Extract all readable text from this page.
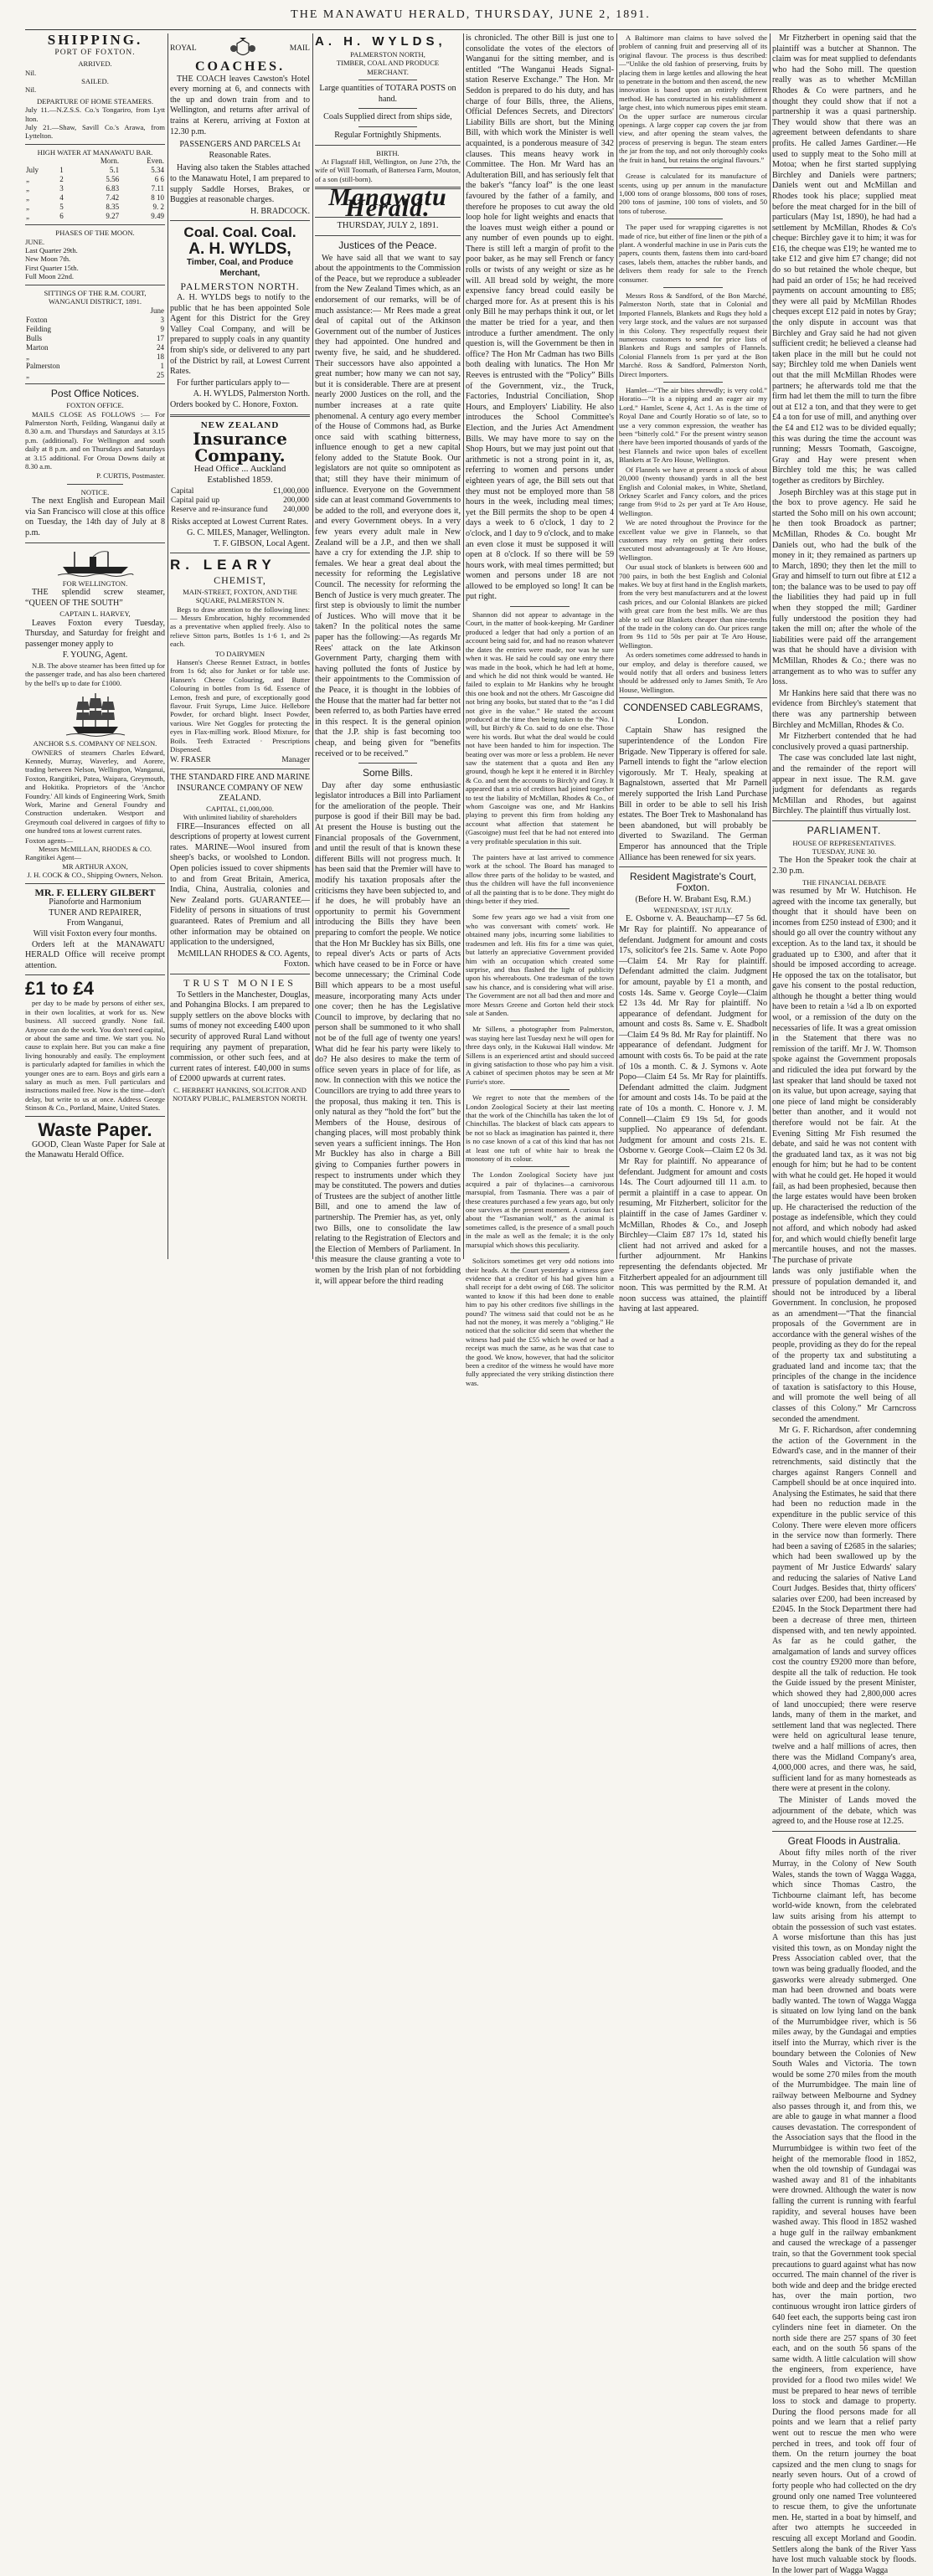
THE MANAWATU HERALD, THURSDAY, JUNE 2, 1891.
SHIPPING.
PORT OF FOXTON.
ARRIVED.
Nil.
SAILED.
Nil.
DEPARTURE OF HOME STEAMERS.
July 11.—N.Z.S.S. Co.'s Tongariro, from Lytt lton.
July 21.—Shaw, Savill Co.'s Arawa, from Lyttelton.
HIGH WATER AT MANAWATU BAR.
		Morn.	Even.
July	1	5.1	5.34
„	2	5.56	6 6
„	3	6.83	7.11
„	4	7.42	8 10
„	5	8.35	9. 2
„	6	9.27	9.49
PHASES OF THE MOON.
JUNE.
Last Quarter 29th.
New Moon 7th.
First Quarter 15th.
Full Moon 22nd.
SITTINGS OF THE R.M. COURT, WANGANUI DISTRICT, 1891.
	June
Foxton	3
Feilding	9
Bulls	17
Marton	24
„	18
Palmerston	1
„	25
Post Office Notices.
FOXTON OFFICE.

MAILS CLOSE AS FOLLOWS :— For Palmerston North, Feilding, Wanganui daily at 8.30 a.m. and Thursdays and Saturdays at 3.15 p.m. (additional). For Wellington and south daily at 8 p.m. and on Thursdays and Saturdays at 3.15 additional. For Oroua Downs daily at 8.30 a.m.

P. CURTIS, Postmaster.
NOTICE.

The next English and European Mail via San Francisco will close at this office on Tuesday, the 14th day of July at 8 p.m.

FOR WELLINGTON.

THE splendid screw steamer, “QUEEN OF THE SOUTH”

CAPTAIN L. HARVEY,

Leaves Foxton every Tuesday, Thursday, and Saturday for freight and passenger money apply to

F. YOUNG, Agent.

N.B. The above steamer has been fitted up for the passenger trade, and has also been chartered by the bell's up to date for £1000.

ANCHOR S.S. COMPANY OF NELSON.

OWNERS of steamers Charles Edward, Kennedy, Murray, Waverley, and Aorere, trading between Nelson, Wellington, Wanganui, Foxton, Rangitikei, Patea, Waipara, Greymouth, and Hokitika. Proprietors of the 'Anchor Foundry.' All kinds of Engineering Work, Smith Work, Marine and General Foundry and Construction undertaken. Westport and Greymouth coal delivered in cargoes of fifty to one hundred tons at lowest current rates.

Foxton agents—
Messrs McMILLAN, RHODES & CO.
Rangitikei Agent—
MR ARTHUR AXON,
J. H. COCK & CO., Shipping Owners, Nelson.
MR. F. ELLERY GILBERT
Pianoforte and Harmonium
TUNER AND REPAIRER,
From Wanganui,
Will visit Foxton every four months.

Orders left at the MANAWATU HERALD Office will receive prompt attention.

£1 to £4

per day to be made by persons of either sex, in their own localities, at work for us. New business. All succeed grandly. None fail. Anyone can do the work. You don't need capital, or about the same and time. We start you. No cause to explain here. But you can make a fine living honourably and easily. The employment is particularly adapted for families in which the younger ones are to earn. Boys and girls earn a salary as much as men. Full particulars and instructions mailed free. Now is the time—don't delay, but write to us at once. Address George Stinson & Co., Portland, Maine, United States.

Waste Paper.

GOOD, Clean Waste Paper for Sale at the Manawatu Herald Office.

ROYAL	MAIL
COACHES.

THE COACH leaves Cawston's Hotel every morning at 6, and connects with the up and down train from and to Wellington, and returns after arrival of trains at Kereru, arriving at Foxton at 12.30 p.m.

PASSENGERS AND PARCELS At Reasonable Rates.

Having also taken the Stables attached to the Manawatu Hotel, I am prepared to supply Saddle Horses, Brakes, or Buggies at reasonable charges.

H. BRADCOCK.
Coal. Coal. Coal.
A. H. WYLDS,
Timber, Coal, and Produce Merchant,
PALMERSTON NORTH.

A. H. WYLDS begs to notify to the public that he has been appointed Sole Agent for this District for the Grey Valley Coal Company, and will be prepared to supply coals in any quantity from ship's side, or delivered to any part of the District by rail, at Lowest Current Rates.

For further particulars apply to—

A. H. WYLDS, Palmerston North.
Orders booked by C. Honore, Foxton.
NEW ZEALAND
Insurance Company.
Head Office ... Auckland
Established 1859.
Capital	£1,000,000
Capital paid up	200,000
Reserve and re-insurance fund	240,000
Risks accepted at Lowest Current Rates.
G. C. MILES, Manager, Wellington.
T. F. GIBSON, Local Agent.
R. LEARY
CHEMIST,
MAIN-STREET, FOXTON, AND THE SQUARE, PALMERSTON N.

Begs to draw attention to the following lines:— Messrs Embrocation, highly recommended as a preventative when applied freely. Also to relieve Sitton parts, Bottles 1s 1·6 1, and 2s each.

TO DAIRYMEN

Hansen's Cheese Rennet Extract, in bottles from 1s 6d; also for Junket or for table use. Hansen's Cheese Colouring, and Butter Colouring in bottles from 1s 6d. Essence of Lemon, fresh and pure, of exceptionally good flavour. Fruit Syrups, Lime Juice. Hellebore Powder, for orchard blight. Insect Powder, various. Wire Net Goggles for protecting the eyes in Flax-milling work. Blood Mixture, for Boils. Teeth Extracted · Prescriptions Dispensed.

W. FRASER	Manager
THE STANDARD FIRE AND MARINE INSURANCE COMPANY OF NEW ZEALAND.
CAPITAL, £1,000,000.
With unlimited liability of shareholders

FIRE—Insurances effected on all descriptions of property at lowest current rates. MARINE—Wool insured from sheep's backs, or woolshed to London. Open policies issued to cover shipments to and from Great Britain, America, India, China, Australia, colonies and New Zealand ports. GUARANTEE—Fidelity of persons in situations of trust guaranteed. Rates of Premium and all other information may be obtained on application to the undersigned,

McMILLAN RHODES & CO. Agents, Foxton.
TRUST MONIES

To Settlers in the Manchester, Douglas, and Pohangina Blocks. I am prepared to supply settlers on the above blocks with sums of money not exceeding £400 upon security of approved Rural Land without requiring any payment of preparation, commission, or other such fees, and at current rates of interest. £40,000 in sums of £2000 upwards at current rates.

C. HERBERT HANKINS, SOLICITOR AND NOTARY PUBLIC, PALMERSTON NORTH.
A. H. WYLDS,
PALMERSTON NORTH,
TIMBER, COAL AND PRODUCE MERCHANT.
Large quantities of TOTARA POSTS on hand.
Coals Supplied direct from ships side,
Regular Fortnightly Shipments.
BIRTH.

At Flagstaff Hill, Wellington, on June 27th, the wife of Will Toomath, of Battersea Farm, Mouton, of a son (still-born).

Manawatu Herald.
THURSDAY, JULY 2, 1891.
Justices of the Peace.

We have said all that we want to say about the appointments to the Commission of the Peace, but we reproduce a subleader from the New Zealand Times which, as an endorsement of our remarks, will be of much assistance:— Mr Rees made a great deal of capital out of the Atkinson Government out of the number of Justices they had appointed. One hundred and twenty five, he said, and he shuddered. Their successors have also appointed a great number; how many we can not say, but it is considerable. There are at present nearly 2000 Justices on the roll, and the number increases at a rate quite phenomenal. A century ago every member of the House of Commons had, as Burke once said with scathing bitterness, influence enough to get a new capital felony added to the Statute Book. Our legislators are not quite so omnipotent as that; still they have their minimum of influence. Everyone on the Government side can at least command Governments to be added to the roll, and everyone does it, and every Government obeys. In a very few years every adult male in New Zealand will be a J.P., and then we shall have a cry for extending the J.P. ship to females. We hear a great deal about the necessity for reforming the Legislative Council. The necessity for reforming the Bench of Justice is very much greater. The first step is obviously to limit the number of Justices. Who will move that it be taken? In the political notes the same paper has the following:—As regards Mr Rees' attack on the late Atkinson Government Party, charging them with having polluted the fonts of Justice by their appointments to the Commission of the Peace, it is thought in the lobbies of the House that the matter had far better not been referred to, as both Parties have erred in this respect. It is the general opinion that the J.P. ship is fast becoming too cheap, and being given for “benefits received or to be received.”

Some Bills.

Day after day some enthusiastic legislator introduces a Bill into Parliament for the amelioration of the people. Their purpose is good if their Bill may be bad. At present the House is busting out the Financial proposals of the Government, and until the result of that is known these different Bills will not progress much. It has been said that the Premier will have to modify his taxation proposals after the criticisms they have been subjected to, and if he does, he will probably have an opportunity to permit his Government introducing the Bills they have been preparing to comfort the people. We notice that the Hon Mr Buckley has six Bills, one to repeal diver's Acts or parts of Acts which have ceased to be in Force or have become unnecessary; the Criminal Code Bill which appears to be a most useful measure, incorporating many Acts under one cover; then he has the Legislative Council to improve, by declaring that no person shall be summoned to it who shall not be of the full age of twenty one years! What did he fear his party were likely to do? He also desires to make the term of office seven years in place of for life, as now. In connection with this we notice the Councillors are trying to add three years to the proposal, thus making it ten. This is only natural as they “hold the fort” but the Members of the House, desirous of changing places, will most probably think seven years a sufficient innings. The Hon Mr Buckley has also in charge a Bill giving to Companies further powers in respect to instruments under which they may be constituted. The powers and duties of Trustees are the subject of another little Bill, and one to amend the law of partnership. The Premier has, as yet, only two Bills, one to consolidate the law relating to the Registration of Electors and the Election of Members of Parliament. In this measure the clause granting a vote to women by the Irish plan of not forbidding it, will appear before the third reading

is chronicled. The other Bill is just one to consolidate the votes of the electors of Wanganui for the sitting member, and is entitled “The Wanganui Heads Signal-station Reserve Exchange.” The Hon. Mr Seddon is prepared to do his duty, and has charge of four Bills, three, the Aliens, Official Defences Secrets, and Directors' Liability Bills are short, but the Mining Bill, with which work the Minister is well acquainted, is a ponderous measure of 342 clauses. This means heavy work in Committee. The Hon. Mr Ward has an Adulteration Bill, and has seriously felt that the baker's “fancy loaf” is the one least favoured by the father of a family, and therefore he proposes to cut away the old loop hole for light weights and enacts that the loaves must weigh either a pound or any number of even pounds up to eight. There is still left a margin of profit to the poor baker, as he may sell French or fancy rolls or twists of any weight or size as he will. All bread sold by weight, the more expensive fancy bread could easily be charged more for. As at present this is his only Bill he may perhaps think it out, or let the matter be tried for a year, and then introduce a further amendment. The only question is, will the Government be then in office? The Hon Mr Cadman has two Bills both dealing with lunatics. The Hon Mr Reeves is entrusted with the “Policy” Bills of the Government, viz., the Truck, Factories, Industrial Conciliation, Shop Hours, and Employers' Liability. He also introduces the School Committee's Election, and the Juries Act Amendment Bills. We may have more to say on the Shop Hours, but we may just point out that arithmetic is not a strong point in it, as, referring to women and persons under eighteen years of age, the Bill sets out that they must not be employed more than 58 hours in the week, including meal times; yet the Bill permits the shop to be open 4 days a week to 6 o'clock, 1 day to 2 o'clock, and 1 day to 9 o'clock, and to make an even close it must be supposed it will open at 8 o'clock. If so there will be 59 hours work, with meal times permitted; but women and persons under 18 are not allowed to be employed so long! It can be put right.

Shannon did not appear to advantage in the Court, in the matter of book-keeping. Mr Gardiner produced a ledger that had only a portion of an account being said for, and had no reason whatever the dates the entries were made, nor was he sure when it was. He said he could say one entry there was made in the book, which he had left at home, and which he did not think would be wanted. He failed to explain to Mr Hankins why he brought this one book and not the others. Mr Gascoigne did not bring any books, but stated that to the “as I did not give in the value.” He stated the account produced at the time then being taken to the “No. I will, but Birch'y & Co. said to do one else. Those were his words. But what the deal would be could not have been handed to him for inspection. The beating over was more or less a problem. He never saw the statement that a quota and Ben any ground, though he kept it he entered it in Birchley & Co. and sent the accounts to Birch'y and Gray. It appeared that a trio of creditors had joined together to test the liability of McMillan, Rhodes & Co., of whom Gascoigne was one, and Mr Hankins playing to prevent this firm from holding any account what affection that statement he (Gascoigne) must feel that he had not entered into a very profitable speculation in this suit.

The painters have at last arrived to commence work at the school. The Board has managed to allow three parts of the holiday to be wasted, and thus the children will have the full inconvenience of all the painting that is to be done. They might do things better if they tried.

Some few years ago we had a visit from one who was conversant with comets' work. He obtained many jobs, incurring some liabilities to tradesmen and left. His fits for a time was quiet, but latterly an appreciative Government provided him with an occupation which created some surprise, and thus flashed the light of publicity upon his whereabouts. One tradesman of the town saw his chance, and is considering what will arise. The Government are not all bad then and more and more Messrs Greene and Gorton held their stock sale at Sanden.

Mr Sillens, a photographer from Palmerston, was staying here last Tuesday next he will open for three days only, in the Kukuwai Hall window. Mr Sillens is an experienced artist and should succeed in giving satisfaction to those who pay him a visit. A cabinet of specimen photos may be seen at Mr Furrie's store.

We regret to note that the members of the London Zoological Society at their last meeting that the work of the Chinchilla has taken the lot of Chinchillas. The blackest of black cats appears to be not so black as imagination has painted it, there is no case known of a cat of this kind that has not at least one tuft of white hair to break the monotony of its colour.

The London Zoological Society have just acquired a pair of thylacines—a carnivorous marsupial, from Tasmania. There was a pair of these creatures purchased a few years ago, but only one survives at the present moment. A curious fact about the “Tasmanian wolf,” as the animal is sometimes called, is the presence of a small pouch in the male as well as the female; it is the only marsupial which shows this peculiarity.

Solicitors sometimes get very odd notions into their heads. At the Court yesterday a witness gave evidence that a creditor of his had given him a shall receipt for a debt owing of £68. The solicitor wanted to know if this had been done to enable him to pay his other creditors five shillings in the pound? The witness said that could not be as he had not the money, it was merely a “obliging.” He noticed that the solicitor did seem that whether the witness had paid the £55 which he owed or had a receipt was much the same, as he was that case to the good. We know, however, that had the solicitor been a creditor of the witness he would have more fully appreciated the very striking distinction there was.

A Baltimore man claims to have solved the problem of canning fruit and preserving all of its original flavour. The process is thus described:—“Unlike the old fashion of preserving, fruits by placing them in large kettles and allowing the heat to penetrate in the bottom and then ascend, the new innovation is based upon an entirely different method. He has constructed in his establishment a large chest, into which numerous pipes emit steam. On the upper surface are numerous circular openings. A large copper cap covers the jar from view, and after opening the steam valves, the process of preserving is begun. The steam enters the jar from the top, and not only thoroughly cooks the fruit in hand, but retains the original flavours.”

Grease is calculated for its manufacture of scents, using up per annum in the manufacture 1,000 tons of orange blossoms, 800 tons of roses, 200 tons of jasmine, 100 tons of violets, and 50 tons of tuberose.

The paper used for wrapping cigarettes is not made of rice, but either of fine linen or the pith of a plant. A wonderful machine in use in Paris cuts the papers, counts them, fastens them into card-board cases, labels them, attaches the rubber bands, and delivers them ready for sale to the French consumer.

Messrs Ross & Sandford, of the Bon Marché, Palmerston North, state that in Colonial and Imported Flannels, Blankets and Rugs they hold a very large stock, and the values are not surpassed in this Colony. They respectfully request their numerous customers to send for price lists of Blankets and Rugs and samples of Flannels. Colonial Flannels from 1s per yard at the Bon Marché. Ross & Sandford, Palmerston North, Direct Importers.

Hamlet—“The air bites shrewdly; is very cold.” Horatio—“It is a nipping and an eager air my Lord.” Hamlet, Scene 4, Act 1. As is the time of Royal Dane and Courtly Horatio so of late, so to use a very common expression, the weather has been “bitterly cold.” For the present wintry season there have been imported thousands of yards of the best Flannels and twice upon bales of excellent Blankets at Te Aro House, Wellington.

Of Flannels we have at present a stock of about 20,000 (twenty thousand) yards in all the best English and Colonial makes, in White, Shetland, Orkney Scarlet and Fancy colors, and the prices range from 9½d to 2s per yard at Te Aro House, Wellington.

We are noted throughout the Province for the excellent value we give in Flannels, so that customers may rely on getting their orders executed most advantageously at Te Aro House, Wellington.

Our usual stock of blankets is between 600 and 700 pairs, in both the best English and Colonial makes. We buy at first hand in the English markets, from the very best manufacturers and at the lowest cash prices, and our Colonial Blankets are picked with great care from the best mills. We are thus able to sell our Blankets cheaper than nine-tenths of the trade in the colony can do. Our prices range from 9s 11d to 50s per pair at Te Aro House, Wellington.

As orders sometimes come addressed to hands in our employ, and delay is therefore caused, we would notify that all orders and business letters should be addressed only to James Smith, Te Aro House, Wellington.

CONDENSED CABLEGRAMS,
London.

Captain Shaw has resigned the superintendence of the London Fire Brigade. New Tipperary is offered for sale. Parnell intends to fight the “arlow election vigorously. Mr T. Healy, speaking at Bagnalstown, asserted that Mr Parnell merely supported the Irish Land Purchase Bill in order to be able to sell his Irish estates. The Boer Trek to Mashonaland has been abandoned, but will probably be diverted to Swaziland. The German Emperor has announced that the Triple Alliance has been renewed for six years.

Resident Magistrate's Court, Foxton.
(Before H. W. Brabant Esq, R.M.)
WEDNESDAY, 1ST JULY.

E. Osborne v. A. Beauchamp—£7 5s 6d. Mr Ray for plaintiff. No appearance of defendant. Judgment for amount and costs 17s, solicitor's fee 21s. Same v. Aote Popo—Claim £4. Mr Ray for plaintiff. Defendant admitted the claim. Judgment for amount, payable by £1 a month, and costs 14s. Same v. George Coyle—Claim £2 13s 4d. Mr Ray for plaintiff. No appearance of defendant. Judgment for amount and costs 8s. Same v. E. Shadbolt—Claim £4 9s 8d. Mr Ray for plaintiff. No appearance of defendant. Judgment for amount with costs 6s. To be paid at the rate of 10s a month. C. & J. Symons v. Aote Popo—Claim £4 5s. Mr Ray for plaintiffs. Defendant admitted the claim. Judgment for amount and costs 14s. To be paid at the rate of 10s a month. C. Honore v. J. M. Connell—Claim £9 19s 5d, for goods supplied. No appearance of defendant. Judgment for amount and costs 21s. E. Osborne v. George Cook—Claim £2 0s 3d. Mr Ray for plaintiff. No appearance of defendant. Judgment for amount and costs 14s. The Court adjourned till 11 a.m. to permit a plaintiff in a case to appear. On resuming, Mr Fitzherbert, solicitor for the plaintiff in the case of James Gardiner v. McMillan, Rhodes & Co., and Joseph Birchley—Claim £87 17s 1d, stated his client had not arrived and asked for a further adjournment. Mr Hankins representing the defendants objected. Mr Fitzherbert appealed for an adjournment till noon. This was permitted by the R.M. At noon success was attained, the plaintiff having at last appeared.

Mr Fitzherbert in opening said that the plaintiff was a butcher at Shannon. The claim was for meat supplied to defendants who had the Soho mill. The question really was as to whether McMillan Rhodes & Co were partners, and he thought they could show that if not a partnership it was a quasi partnership. They would show that there was an agreement between defendants to share profits. He called James Gardiner.—He used to supply meat to the Soho mill at Motoa; when he first started supplying Birchley and Daniels were partners; Daniels went out and McMillan and Rhodes took his place; supplied meat before the meat charged for in the bill of particulars (May 1st, 1890), he had had a settlement by McMillan, Rhodes & Co's cheque: Birchley gave it to him; it was for £16, the cheque was £19; he wanted me to take £12 and give him £7 change; did not do so but retained the whole cheque, but had paid an order of 15s; he had received payments on account amounting to £85; they were all paid by McMillan Rhodes cheques except £12 paid in notes by Gray; the only dispute in account was that Birchley and Gray said he had not given sufficient credit; he believed a cleanse had taken place in the mill but he could not say; Birchley told me when Daniels went out that the mill McMillan Rhodes were partners; he afterwards told me that the firm had let them the mill to turn the fibre out at £12 a ton, and that they were to get £4 a ton for use of mill, and anything over the £4 and £12 was to be divided equally; this was during the time the account was running; Messrs Toomath, Gascoigne, Gray and Hay were present when Birchley told me this; he was called together as creditors by Birchley.

Joseph Birchley was at this stage put in the box to prove agency. He said he started the Soho mill on his own account; he then took Broadock as partner; McMillan, Rhodes & Co. bought Mr Daniels out, who had the bulk of the money in it; they remained as partners up to March, 1890; they then let the mill to Gray and himself to turn out fibre at £12 a ton; the balance was to be used to pay off the liabilities they had paid up in full when they stopped the mill; Gardiner fully understood the position they had taken the mill on; after the whole of the liabilities were paid off the arrangement was that he should have a division with McMillan, Rhodes & Co.; there was no arrangement as to who was to suffer any loss.

Mr Hankins here said that there was no evidence from Birchley's statement that there was any partnership between Birchley and McMillan, Rhodes & Co.

Mr Fitzherbert contended that he had conclusively proved a quasi partnership.

The case was concluded late last night, and the remainder of the report will appear in next issue. The R.M. gave judgment for defendants as regards McMillan and Rhodes, but against Birchley. The plaintiff thus virtually lost.

PARLIAMENT.
HOUSE OF REPRESENTATIVES.
TUESDAY, JUNE 30.

The Hon the Speaker took the chair at 2.30 p.m.

THE FINANCIAL DEBATE

was resumed by Mr W. Hutchison. He agreed with the income tax generally, but thought that it should have been on incomes from £250 instead of £300; and it should go all over the country without any exception. As to the land tax, it should be graduated up to £300, and after that it should be imposed according to acreage. He opposed the tax on the totalisator, but gave his consent to the postal reduction, although he thought a better thing would have been to retain a ¼d a lb on exported wool, or a remission of the duty on the necessaries of life. It was a great omission in the Statement that there was no remission of the tariff. Mr J. W. Thomson spoke against the Government proposals and ridiculed the idea put forward by the last speaker that land should be taxed not on its value, but upon acreage, saying that one piece of land might be considerably better than another, and it would not therefore would not be fair. At the Evening Sitting Mr Fish resumed the debate, and said he was not content with the graduated land tax, as it was not big enough for him; but he had to be content with what he could get. He hoped it would fail, as had been prophesied, because then the large estates would have been broken up. He characterised the reduction of the postage as indefensible, which they could not afford, and which nobody had asked for, and which would chiefly benefit large mercantile houses, and not the masses. The purchase of private

lands was only justifiable when the pressure of population demanded it, and should not be introduced by a liberal Government. In conclusion, he proposed as an amendment—“That the financial proposals of the Government are in accordance with the general wishes of the people, providing as they do for the repeal of the property tax and substituting a graduated land and income tax; that the principles of the change in the incidence of taxation is satisfactory to this House, and will promote the well being of all classes of this Colony.” Mr Carncross seconded the amendment.

Mr G. F. Richardson, after condemning the action of the Government in the Edward's case, and in the manner of their retrenchments, said distinctly that the charges against Rangers Connell and Campbell should be at once inquired into. Analysing the Estimates, he said that there had been no reduction made in the expenditure in the public service of this Colony. There were eleven more officers in the service now than formerly. There had been a saving of £2685 in the salaries; which had been swallowed up by the payment of Mr Justice Edwards' salary and reducing the salaries of Native Land Court Judges. Besides that, thirty officers' salaries over £200, had been increased by £2045. In the Stock Department there had been a decrease of three men, thirteen dispensed with, and ten newly appointed. As far as he could gather, the amalgamation of lands and survey offices cost the country £9200 more than before, despite all the talk of reduction. He took the Guide issued by the present Minister, which showed they had 2,800,000 acres of land unoccupied; there were reserve lands, many of them in the market, and settlement land that was neglected. There were held on agricultural lease tenure, twelve and a half millions of acres, then there was the Midland Company's area, 4,000,000 acres, and there was, he said, sufficient land for as many homesteads as there were at present in the colony.

The Minister of Lands moved the adjournment of the debate, which was agreed to, and the House rose at 12.25.

Great Floods in Australia.

About fifty miles north of the river Murray, in the Colony of New South Wales, stands the town of Wagga Wagga, which since Thomas Castro, the Tichbourne claimant left, has become world-wide known, from the celebrated law suits arising from his attempt to obtain the possession of such vast estates. A worse misfortune than this has just visited this town, as on Monday night the Press Association cabled over, that the town was being gradually flooded, and the gasworks were already submerged. One man had been drowned and boats were badly wanted. The town of Wagga Wagga is situated on low lying land on the bank of the Murrumbidgee river, which is 56 miles away, by the Gundagai and empties itself into the Murray, which river is the boundary between the Colonies of New South Wales and Victoria. The town would be some 270 miles from the mouth of the Murrumbidgee. The main line of railway between Melbourne and Sydney also passes through it, and from this, we are able to gauge in what manner a flood causes devastation. The correspondent of the Association says that the flood in the Murrumbidgee is within two feet of the height of the memorable flood in 1852, when the old township of Gundagai was washed away and 81 of the inhabitants were drowned. Although the water is now falling the current is running with fearful rapidity, and several houses have been washed away. This flood in 1852 washed a huge gulf in the railway embankment and caused the wreckage of a passenger train, so that the Government took special precautions to guard against what has now occurred. The main channel of the river is both wide and deep and the bridge erected has, over the main portion, two continuous wrought iron lattice girders of 640 feet each, the supports being cast iron cylinders nine feet in diameter. On the north side there are 257 spans of 30 feet each, and on the south 56 spans of the same width. A little calculation will show the engineers, from experience, have provided for a flood two miles wide! We must be prepared to hear news of terrible loss to stock and damage to property. During the flood persons made for all points and we learn that a relief party went out to rescue the men who were perched in trees, and took off four of them. On the return journey the boat capsized and the men clung to snags for nearly seven hours. Out of a crowd of forty people who had collected on the dry ground only one named Tree volunteered to rescue them, to give the unfortunate men. He, started in a boat by himself, and after two attempts he succeeded in rescuing all except Morland and Goodin. Settlers along the bank of the River Yass have lost much valuable stock by floods. In the lower part of Wagga Wagga
